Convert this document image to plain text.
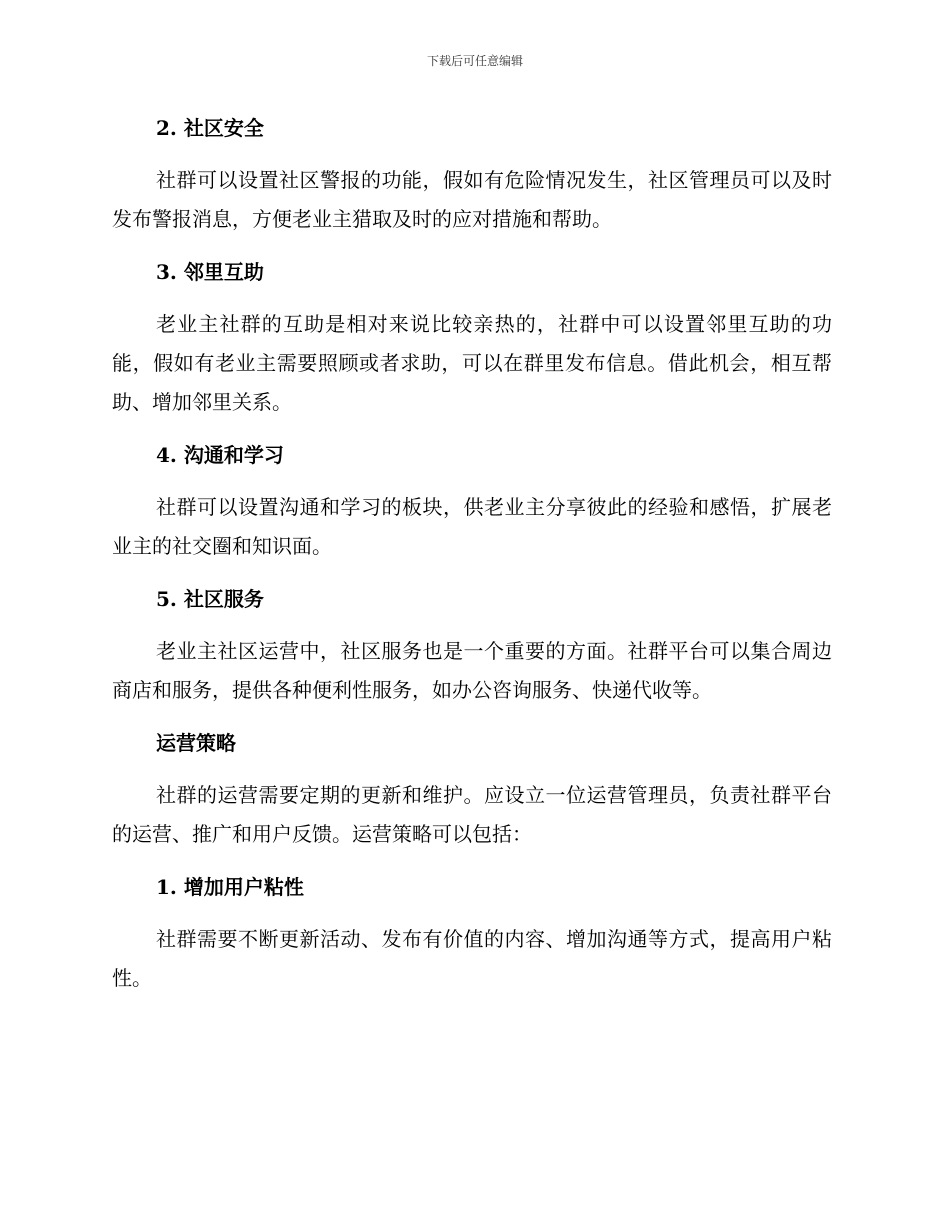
下载后可任意编辑
2. 社区安全

社群可以设置社区警报的功能，假如有危险情况发生，社区管理员可以及时发布警报消息，方便老业主猎取及时的应对措施和帮助。

3. 邻里互助

老业主社群的互助是相对来说比较亲热的，社群中可以设置邻里互助的功能，假如有老业主需要照顾或者求助，可以在群里发布信息。借此机会，相互帮助、增加邻里关系。

4. 沟通和学习

社群可以设置沟通和学习的板块，供老业主分享彼此的经验和感悟，扩展老业主的社交圈和知识面。

5. 社区服务

老业主社区运营中，社区服务也是一个重要的方面。社群平台可以集合周边商店和服务，提供各种便利性服务，如办公咨询服务、快递代收等。

运营策略

社群的运营需要定期的更新和维护。应设立一位运营管理员，负责社群平台的运营、推广和用户反馈。运营策略可以包括：

1. 增加用户粘性

社群需要不断更新活动、发布有价值的内容、增加沟通等方式，提高用户粘性。
